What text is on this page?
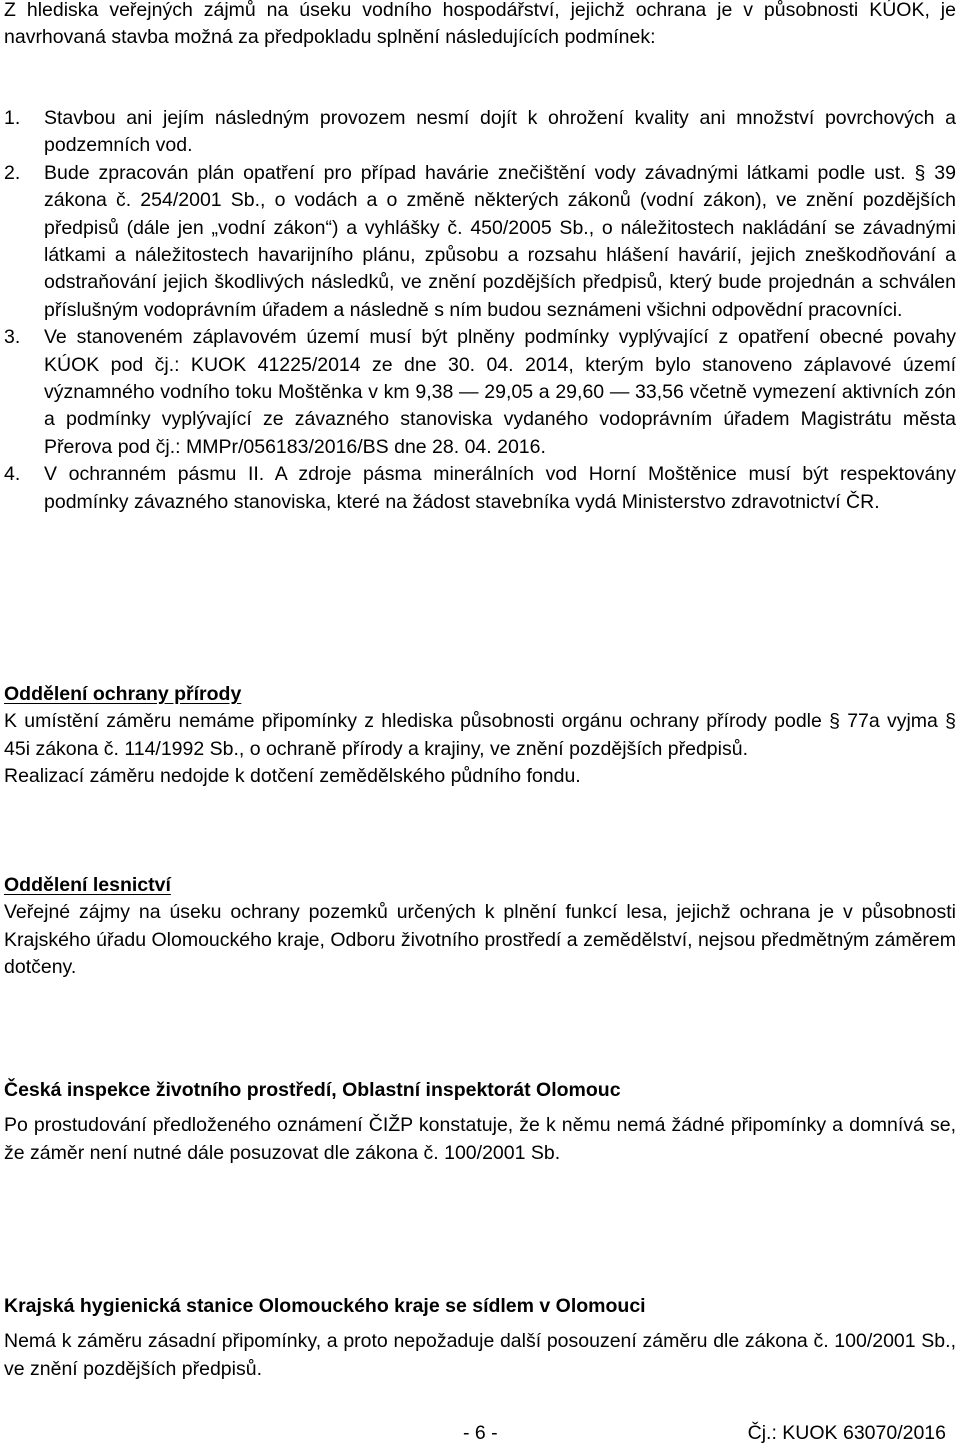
Z hlediska veřejných zájmů na úseku vodního hospodářství, jejichž ochrana je v působnosti KÚOK, je navrhovaná stavba možná za předpokladu splnění následujících podmínek:

1. Stavbou ani jejím následným provozem nesmí dojít k ohrožení kvality ani množství povrchových a podzemních vod.
2. Bude zpracován plán opatření pro případ havárie znečištění vody závadnými látkami podle ust. § 39 zákona č. 254/2001 Sb., o vodách a o změně některých zákonů (vodní zákon), ve znění pozdějších předpisů (dále jen „vodní zákon“) a vyhlášky č. 450/2005 Sb., o náležitostech nakládání se závadnými látkami a náležitostech havarijního plánu, způsobu a rozsahu hlášení havárií, jejich zneškodňování a odstraňování jejich škodlivých následků, ve znění pozdějších předpisů, který bude projednán a schválen příslušným vodoprávním úřadem a následně s ním budou seznámeni všichni odpovědní pracovníci.
3. Ve stanoveném záplavovém území musí být plněny podmínky vyplývající z opatření obecné povahy KÚOK pod čj.: KUOK 41225/2014 ze dne 30. 04. 2014, kterým bylo stanoveno záplavové území významného vodního toku Moštěnka v km 9,38 — 29,05 a 29,60 — 33,56 včetně vymezení aktivních zón a podmínky vyplývající ze závazného stanoviska vydaného vodoprávním úřadem Magistrátu města Přerova pod čj.: MMPr/056183/2016/BS dne 28. 04. 2016.
4. V ochranném pásmu II. A zdroje pásma minerálních vod Horní Moštěnice musí být respektovány podmínky závazného stanoviska, které na žádost stavebníka vydá Ministerstvo zdravotnictví ČR.
Oddělení ochrany přírody

K umístění záměru nemáme připomínky z hlediska působnosti orgánu ochrany přírody podle § 77a vyjma § 45i zákona č. 114/1992 Sb., o ochraně přírody a krajiny, ve znění pozdějších předpisů.

Realizací záměru nedojde k dotčení zemědělského půdního fondu.

Oddělení lesnictví

Veřejné zájmy na úseku ochrany pozemků určených k plnění funkcí lesa, jejichž ochrana je v působnosti Krajského úřadu Olomouckého kraje, Odboru životního prostředí a zemědělství, nejsou předmětným záměrem dotčeny.

Česká inspekce životního prostředí, Oblastní inspektorát Olomouc

Po prostudování předloženého oznámení ČIŽP konstatuje, že k němu nemá žádné připomínky a domnívá se, že záměr není nutné dále posuzovat dle zákona č. 100/2001 Sb.

Krajská hygienická stanice Olomouckého kraje se sídlem v Olomouci

Nemá k záměru zásadní připomínky, a proto nepožaduje další posouzení záměru dle zákona č. 100/2001 Sb., ve znění pozdějších předpisů.

- 6 -	Čj.: KUOK 63070/2016
